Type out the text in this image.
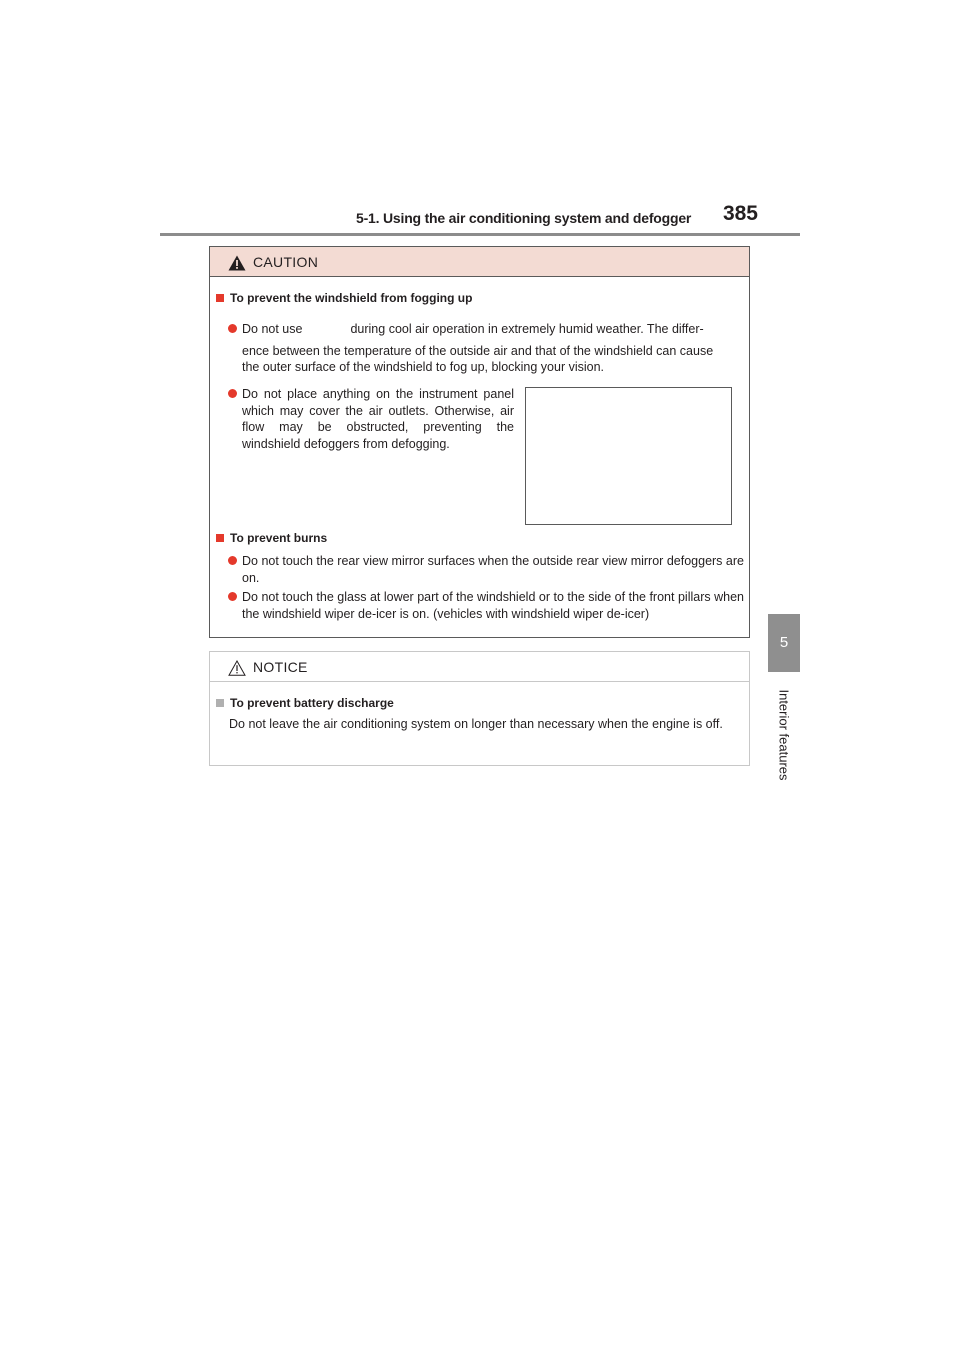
5-1. Using the air conditioning system and defogger 385
5
Interior features
CAUTION
To prevent the windshield from fogging up
Do not use	during cool air operation in extremely humid weather. The differ-
ence between the temperature of the outside air and that of the windshield can cause
the outer surface of the windshield to fog up, blocking your vision.
Do not place anything on the instrument panel which may cover the air outlets. Otherwise, air flow may be obstructed, preventing the windshield defoggers from defogging.
To prevent burns
Do not touch the rear view mirror surfaces when the outside rear view mirror defoggers are on.
Do not touch the glass at lower part of the windshield or to the side of the front pillars when the windshield wiper de-icer is on. (vehicles with windshield wiper de-icer)
NOTICE
To prevent battery discharge
Do not leave the air conditioning system on longer than necessary when the engine is off.
